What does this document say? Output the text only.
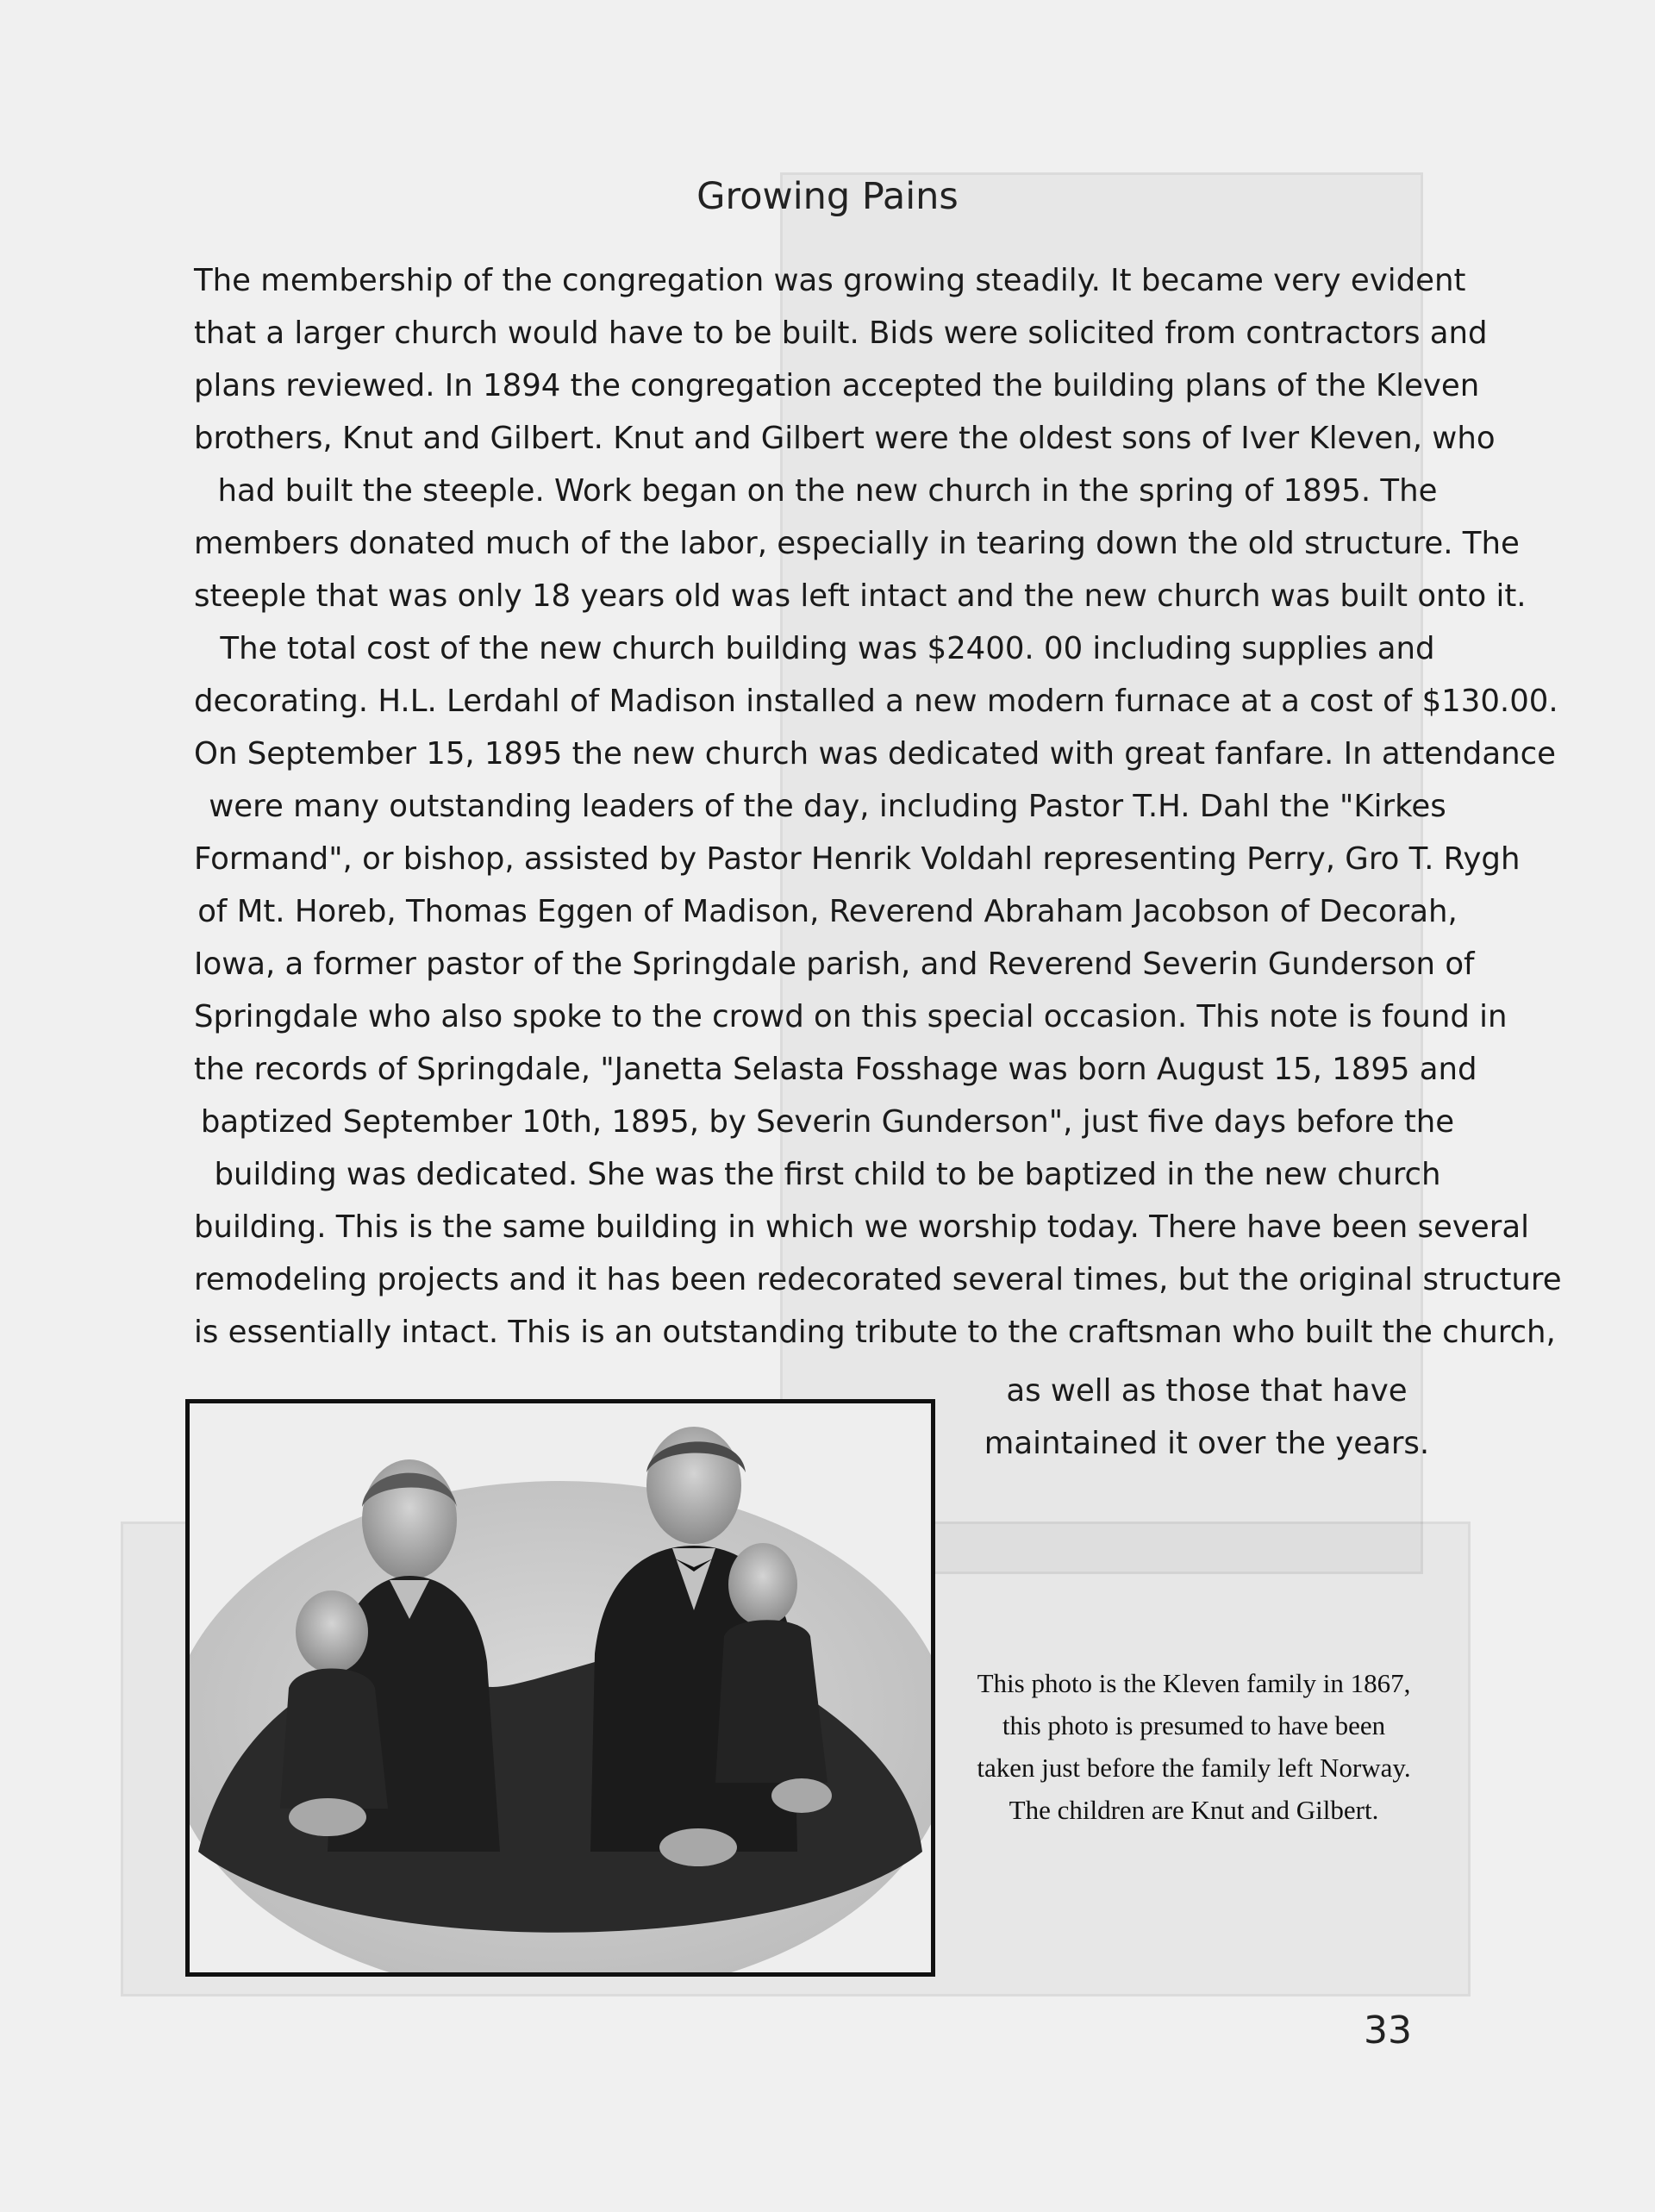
Growing Pains
The membership of the congregation was growing steadily. It became very evident
that a larger church would have to be built. Bids were solicited from contractors and
plans reviewed. In 1894 the congregation accepted the building plans of the Kleven
brothers, Knut and Gilbert. Knut and Gilbert were the oldest sons of Iver Kleven, who
had built the steeple. Work began on the new church in the spring of 1895. The
members donated much of the labor, especially in tearing down the old structure. The
steeple that was only 18 years old was left intact and the new church was built onto it.
The total cost of the new church building was $2400. 00 including supplies and
decorating. H.L. Lerdahl of Madison installed a new modern furnace at a cost of $130.00.
On September 15, 1895 the new church was dedicated with great fanfare. In attendance
were many outstanding leaders of the day, including Pastor T.H. Dahl the "Kirkes
Formand", or bishop, assisted by Pastor Henrik Voldahl representing Perry, Gro T. Rygh
of Mt. Horeb, Thomas Eggen of Madison, Reverend Abraham Jacobson of Decorah,
Iowa, a former pastor of the Springdale parish, and Reverend Severin Gunderson of
Springdale who also spoke to the crowd on this special occasion. This note is found in
the records of Springdale, "Janetta Selasta Fosshage was born August 15, 1895 and
baptized September 10th, 1895, by Severin Gunderson", just five days before the
building was dedicated. She was the first child to be baptized in the new church
building. This is the same building in which we worship today. There have been several
remodeling projects and it has been redecorated several times, but the original structure
is essentially intact. This is an outstanding tribute to the craftsman who built the church,
as well as those that have
maintained it over the years.
This photo is the Kleven family in 1867,
this photo is presumed to have been
taken just before the family left Norway.
The children are Knut and Gilbert.
33
